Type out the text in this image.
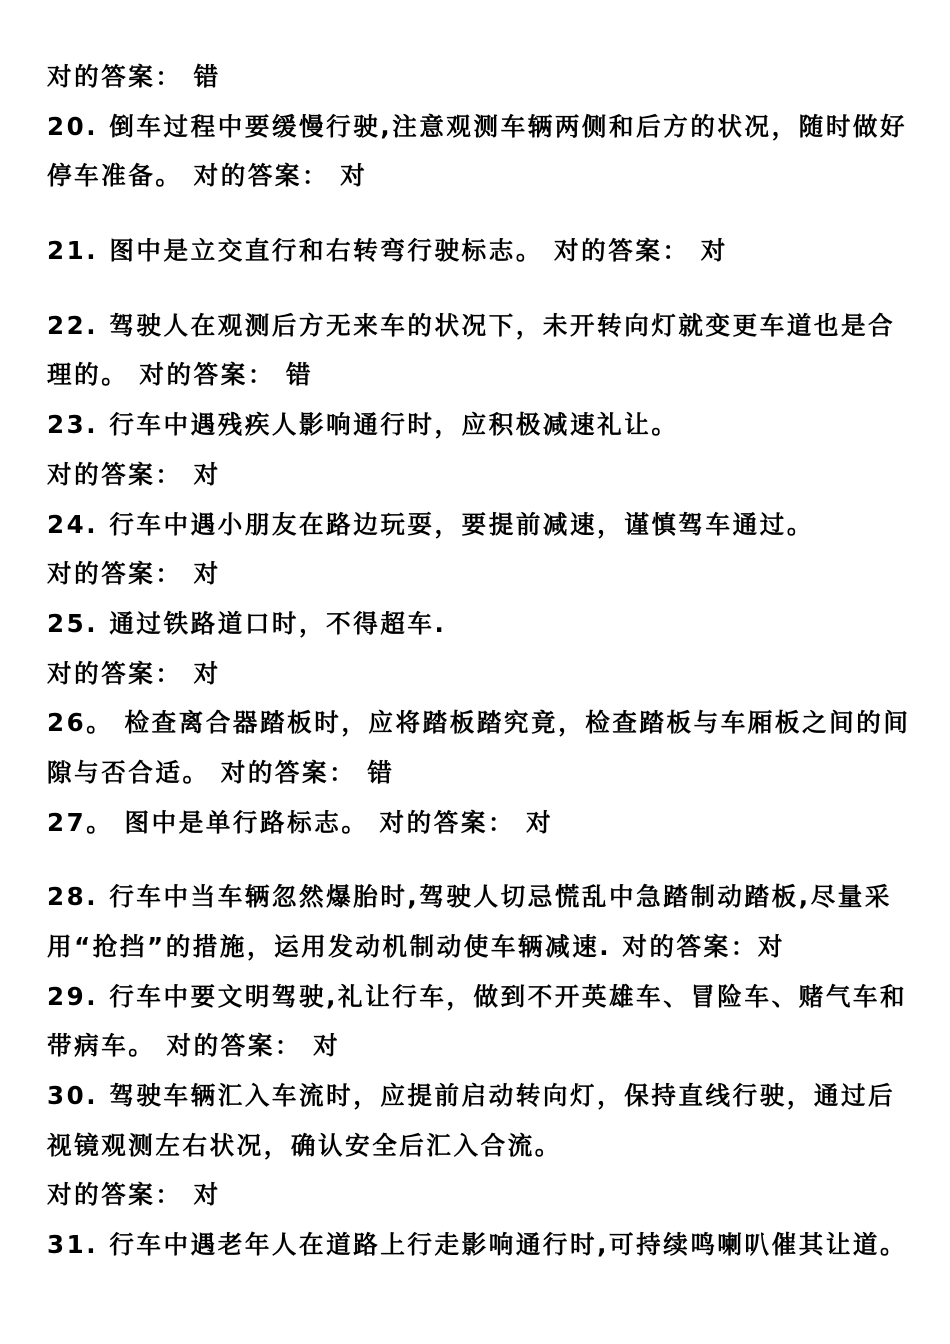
对的答案： 错
20. 倒车过程中要缓慢行驶,注意观测车辆两侧和后方的状况，随时做好
停车准备。 对的答案： 对
21. 图中是立交直行和右转弯行驶标志。 对的答案： 对
22. 驾驶人在观测后方无来车的状况下，未开转向灯就变更车道也是合
理的。 对的答案： 错
23. 行车中遇残疾人影响通行时，应积极减速礼让。
对的答案： 对
24. 行车中遇小朋友在路边玩耍，要提前减速，谨慎驾车通过。
对的答案： 对
25. 通过铁路道口时，不得超车.
对的答案： 对
26。 检查离合器踏板时，应将踏板踏究竟，检查踏板与车厢板之间的间
隙与否合适。 对的答案： 错
27。 图中是单行路标志。 对的答案： 对
28. 行车中当车辆忽然爆胎时,驾驶人切忌慌乱中急踏制动踏板,尽量采
用“抢挡”的措施，运用发动机制动使车辆减速. 对的答案：对
29. 行车中要文明驾驶,礼让行车，做到不开英雄车、冒险车、赌气车和
带病车。 对的答案： 对
30. 驾驶车辆汇入车流时，应提前启动转向灯，保持直线行驶，通过后
视镜观测左右状况，确认安全后汇入合流。
对的答案： 对
31. 行车中遇老年人在道路上行走影响通行时,可持续鸣喇叭催其让道。
